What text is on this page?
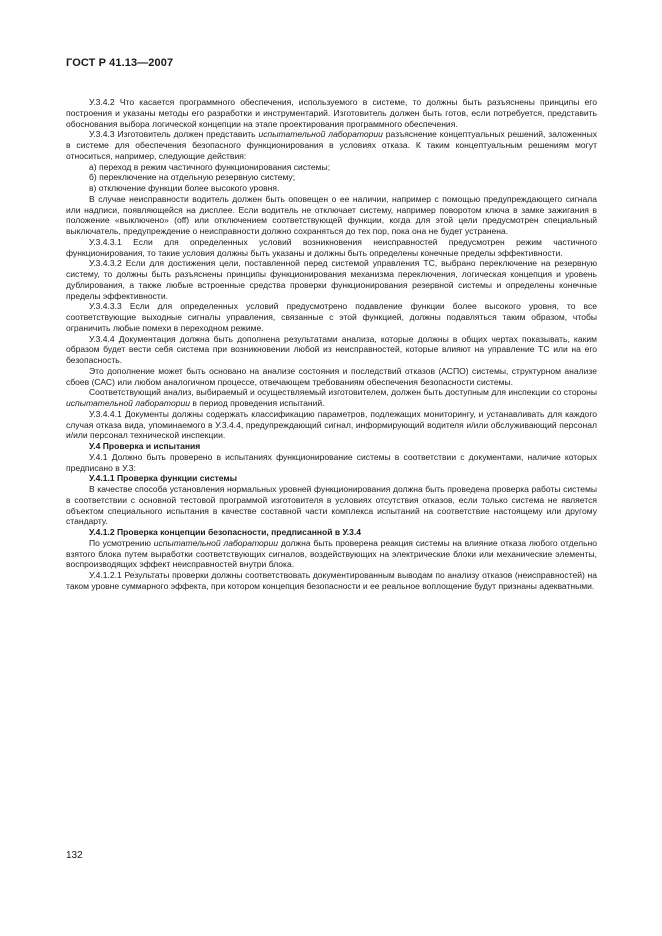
ГОСТ Р 41.13—2007

У.3.4.2 Что касается программного обеспечения, используемого в системе, то должны быть разъяснены принципы его построения и указаны методы его разработки и инструментарий. Изготовитель должен быть готов, если потребуется, представить обоснования выбора логической концепции на этапе проектирования программного обеспечения.

У.3.4.3 Изготовитель должен представить испытательной лаборатории разъяснение концептуальных решений, заложенных в системе для обеспечения безопасного функционирования в условиях отказа. К таким концептуальным решениям могут относиться, например, следующие действия:

а) переход в режим частичного функционирования системы;

б) переключение на отдельную резервную систему;

в) отключение функции более высокого уровня.

В случае неисправности водитель должен быть оповещен о ее наличии, например с помощью предупреждающего сигнала или надписи, появляющейся на дисплее. Если водитель не отключает систему, например поворотом ключа в замке зажигания в положение «выключено» (off) или отключением соответствующей функции, когда для этой цели предусмотрен специальный выключатель, предупреждение о неисправности должно сохраняться до тех пор, пока она не будет устранена.

У.3.4.3.1 Если для определенных условий возникновения неисправностей предусмотрен режим частичного функционирования, то такие условия должны быть указаны и должны быть определены конечные пределы эффективности.

У.3.4.3.2 Если для достижения цели, поставленной перед системой управления ТС, выбрано переключение на резервную систему, то должны быть разъяснены принципы функционирования механизма переключения, логическая концепция и уровень дублирования, а также любые встроенные средства проверки функционирования резервной системы и определены конечные пределы эффективности.

У.3.4.3.3 Если для определенных условий предусмотрено подавление функции более высокого уровня, то все соответствующие выходные сигналы управления, связанные с этой функцией, должны подавляться таким образом, чтобы ограничить любые помехи в переходном режиме.

У.3.4.4 Документация должна быть дополнена результатами анализа, которые должны в общих чертах показывать, каким образом будет вести себя система при возникновении любой из неисправностей, которые влияют на управление ТС или на его безопасность.

Это дополнение может быть основано на анализе состояния и последствий отказов (АСПО) системы, структурном анализе сбоев (САС) или любом аналогичном процессе, отвечающем требованиям обеспечения безопасности системы.

Соответствующий анализ, выбираемый и осуществляемый изготовителем, должен быть доступным для инспекции со стороны испытательной лаборатории в период проведения испытаний.

У.3.4.4.1 Документы должны содержать классификацию параметров, подлежащих мониторингу, и устанавливать для каждого случая отказа вида, упоминаемого в У.3.4.4, предупреждающий сигнал, информирующий водителя и/или обслуживающий персонал и/или персонал технической инспекции.

У.4 Проверка и испытания

У.4.1 Должно быть проверено в испытаниях функционирование системы в соответствии с документами, наличие которых предписано в У.3:

У.4.1.1 Проверка функции системы

В качестве способа установления нормальных уровней функционирования должна быть проведена проверка работы системы в соответствии с основной тестовой программой изготовителя в условиях отсутствия отказов, если только система не является объектом специального испытания в качестве составной части комплекса испытаний на соответствие настоящему или другому стандарту.

У.4.1.2 Проверка концепции безопасности, предписанной в У.3.4

По усмотрению испытательной лаборатории должна быть проверена реакция системы на влияние отказа любого отдельно взятого блока путем выработки соответствующих сигналов, воздействующих на электрические блоки или механические элементы, воспроизводящих эффект неисправностей внутри блока.

У.4.1.2.1 Результаты проверки должны соответствовать документированным выводам по анализу отказов (неисправностей) на таком уровне суммарного эффекта, при котором концепция безопасности и ее реальное воплощение будут признаны адекватными.

132
